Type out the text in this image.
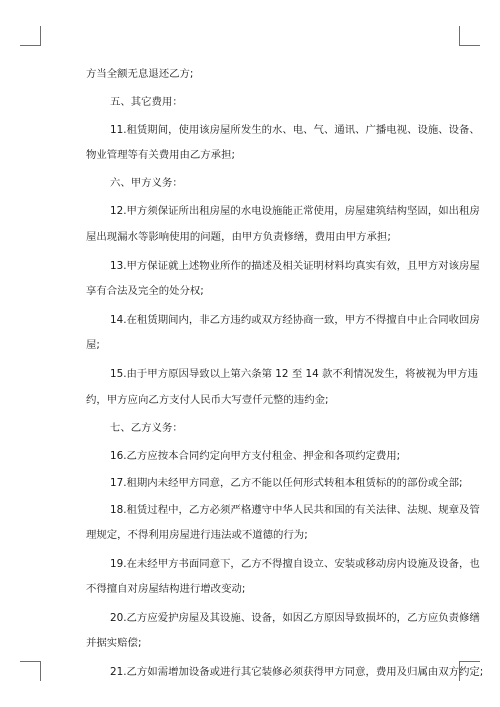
方当全额无息退还乙方;
五、其它费用：
11.租赁期间，使用该房屋所发生的水、电、气、通讯、广播电视、设施、设备、
物业管理等有关费用由乙方承担;
六、甲方义务：
12.甲方须保证所出租房屋的水电设施能正常使用，房屋建筑结构坚固，如出租房
屋出现漏水等影响使用的问题，由甲方负责修缮，费用由甲方承担;
13.甲方保证就上述物业所作的描述及相关证明材料均真实有效，且甲方对该房屋
享有合法及完全的处分权;
14.在租赁期间内，非乙方违约或双方经协商一致，甲方不得擅自中止合同收回房
屋;
15.由于甲方原因导致以上第六条第 12 至 14 款不利情况发生，将被视为甲方违
约，甲方应向乙方支付人民币大写壹仟元整的违约金;
七、乙方义务：
16.乙方应按本合同约定向甲方支付租金、押金和各项约定费用;
17.租期内未经甲方同意，乙方不能以任何形式转租本租赁标的的部份或全部;
18.租赁过程中，乙方必须严格遵守中华人民共和国的有关法律、法规、规章及管
理规定，不得利用房屋进行违法或不道德的行为;
19.在未经甲方书面同意下，乙方不得擅自设立、安装或移动房内设施及设备，也
不得擅自对房屋结构进行增改变动;
20.乙方应爱护房屋及其设施、设备，如因乙方原因导致损坏的，乙方应负责修缮
并据实赔偿;
21.乙方如需增加设备或进行其它装修必须获得甲方同意，费用及归属由双方约定;
